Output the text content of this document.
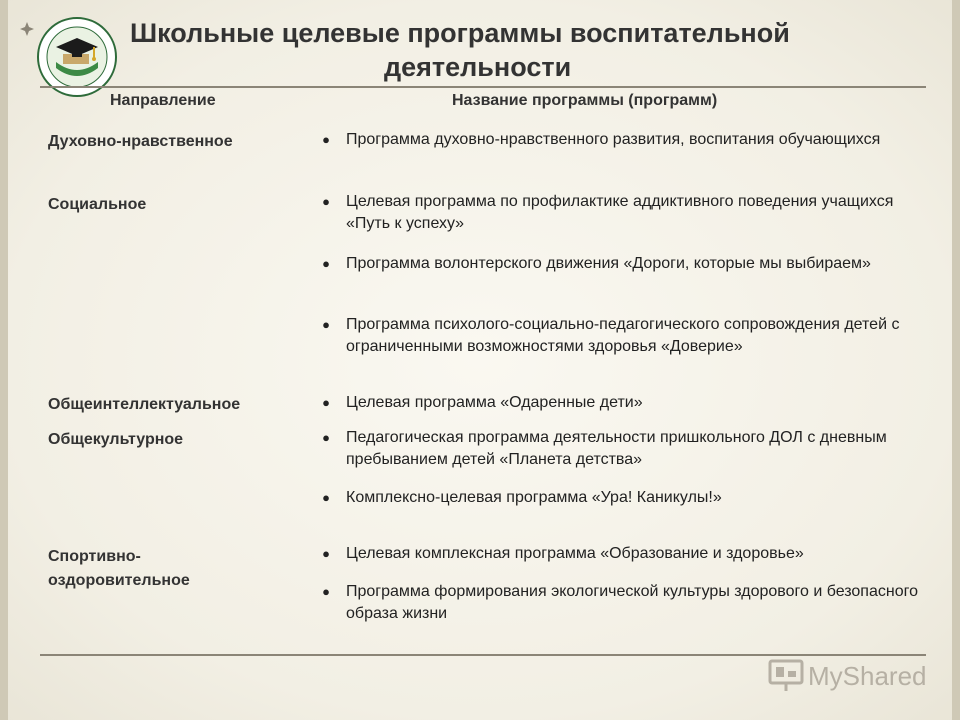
Школьные целевые программы воспитательной
деятельности
Направление	Название программы (программ)
Духовно-нравственное	●	Программа духовно-нравственного развития, воспитания обучающихся
Социальное	●	Целевая программа по профилактике аддиктивного поведения учащихся «Путь к успеху»
●	Программа волонтерского движения «Дороги, которые мы выбираем»
●	Программа психолого-социально-педагогического сопровождения детей с ограниченными возможностями здоровья «Доверие»
Общеинтеллектуальное	●	Целевая программа «Одаренные дети»
Общекультурное	●	Педагогическая программа деятельности пришкольного ДОЛ с дневным пребыванием детей «Планета детства»
●	Комплексно-целевая программа «Ура! Каникулы!»
Спортивно-
оздоровительное
●	Целевая комплексная программа «Образование и здоровье»
●	Программа формирования экологической культуры здорового и безопасного образа жизни
MyShared
